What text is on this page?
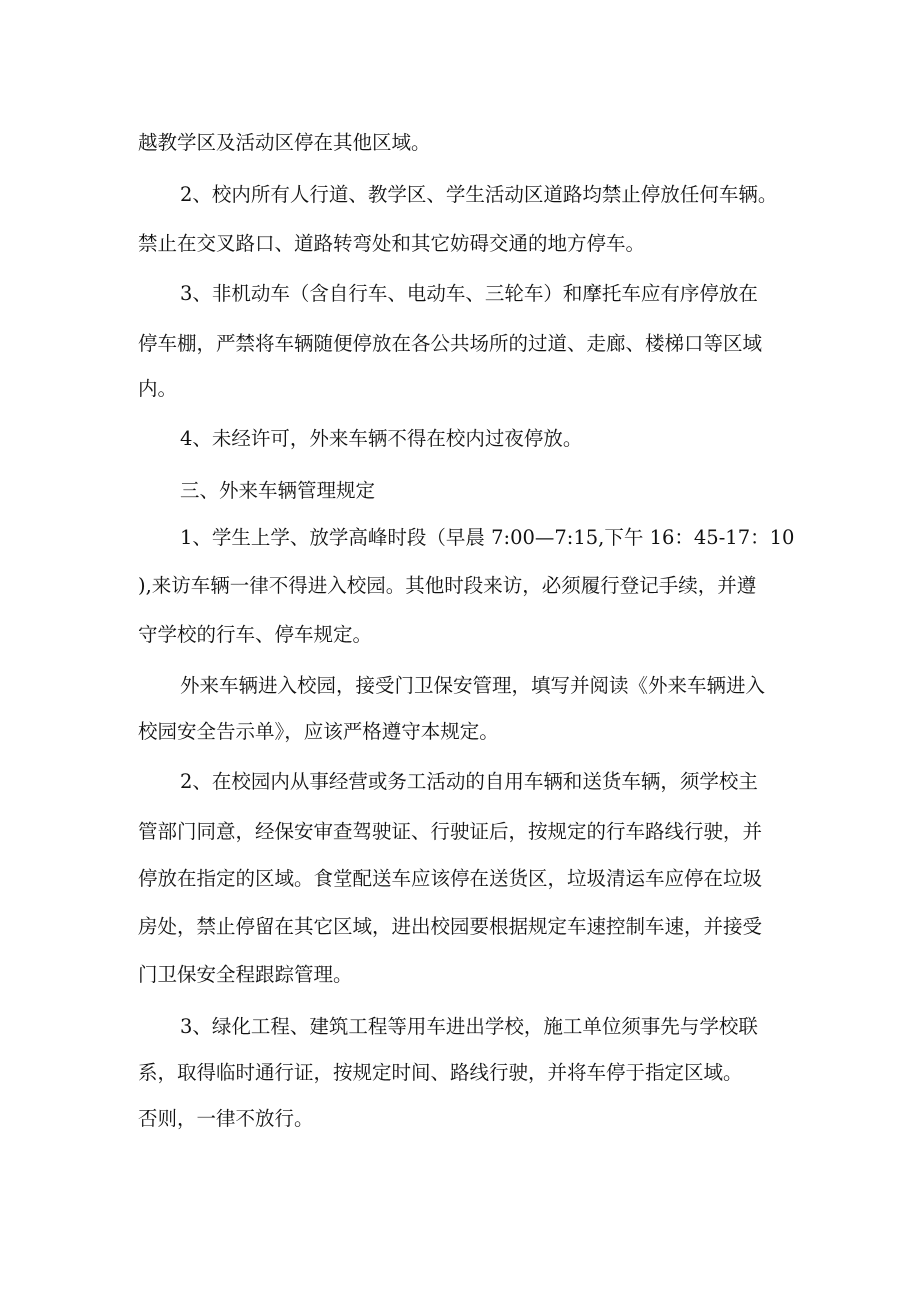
越教学区及活动区停在其他区域。
2、校内所有人行道、教学区、学生活动区道路均禁止停放任何车辆。
禁止在交叉路口、道路转弯处和其它妨碍交通的地方停车。
3、非机动车（含自行车、电动车、三轮车）和摩托车应有序停放在
停车棚，严禁将车辆随便停放在各公共场所的过道、走廊、楼梯口等区域
内。
4、未经许可，外来车辆不得在校内过夜停放。
三、外来车辆管理规定
1、学生上学、放学高峰时段（早晨 7:00—7:15,下午 16：45-17：10
),来访车辆一律不得进入校园。其他时段来访，必须履行登记手续，并遵
守学校的行车、停车规定。
外来车辆进入校园，接受门卫保安管理，填写并阅读《外来车辆进入
校园安全告示单》，应该严格遵守本规定。
2、在校园内从事经营或务工活动的自用车辆和送货车辆，须学校主
管部门同意，经保安审查驾驶证、行驶证后，按规定的行车路线行驶，并
停放在指定的区域。食堂配送车应该停在送货区，垃圾清运车应停在垃圾
房处，禁止停留在其它区域，进出校园要根据规定车速控制车速，并接受
门卫保安全程跟踪管理。
3、绿化工程、建筑工程等用车进出学校，施工单位须事先与学校联
系，取得临时通行证，按规定时间、路线行驶，并将车停于指定区域。
否则，一律不放行。
